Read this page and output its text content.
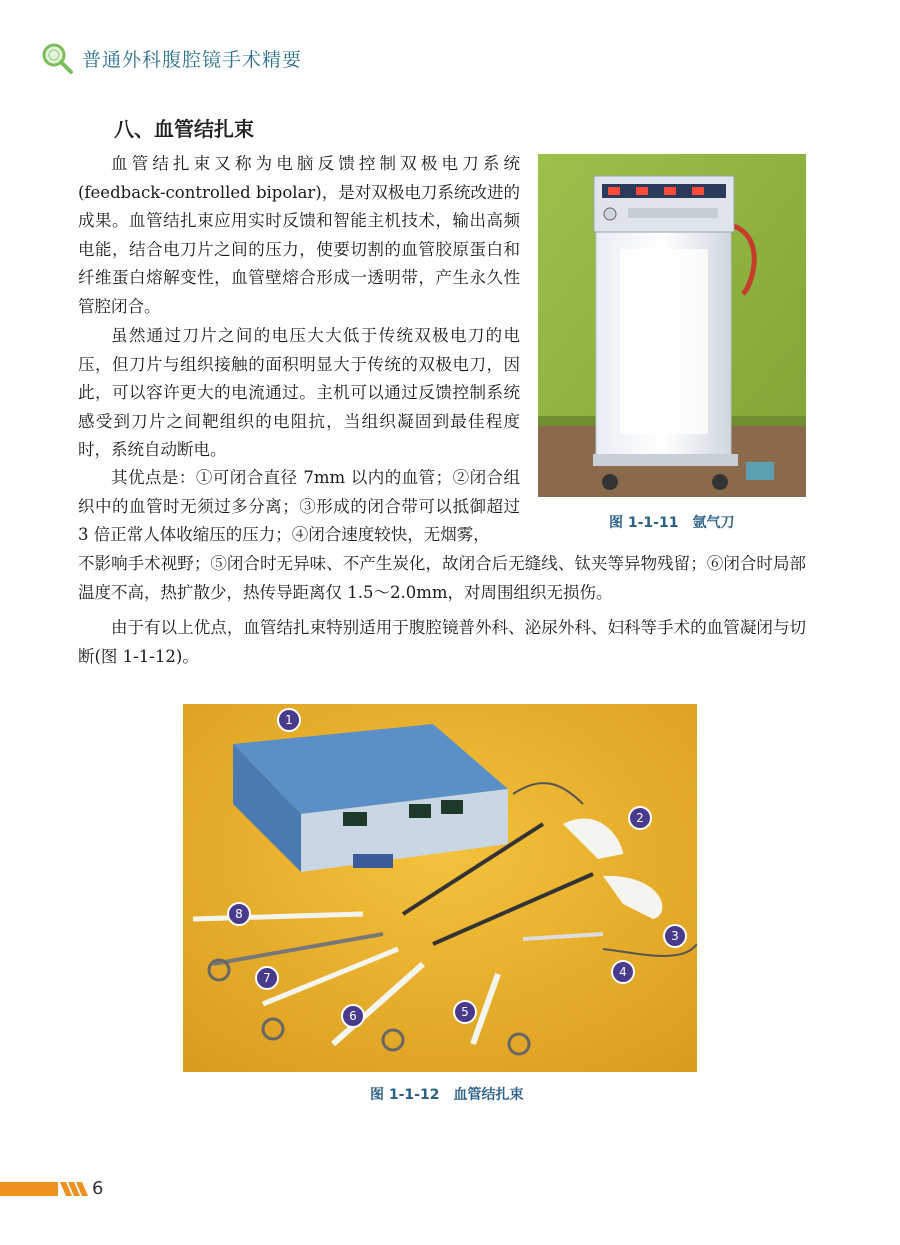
普通外科腹腔镜手术精要
八、血管结扎束

血管结扎束又称为电脑反馈控制双极电刀系统(feedback-controlled bipolar)，是对双极电刀系统改进的成果。血管结扎束应用实时反馈和智能主机技术，输出高频电能，结合电刀片之间的压力，使要切割的血管胶原蛋白和纤维蛋白熔解变性，血管壁熔合形成一透明带，产生永久性管腔闭合。

虽然通过刀片之间的电压大大低于传统双极电刀的电压，但刀片与组织接触的面积明显大于传统的双极电刀，因此，可以容许更大的电流通过。主机可以通过反馈控制系统感受到刀片之间靶组织的电阻抗，当组织凝固到最佳程度时，系统自动断电。

其优点是：①可闭合直径 7mm 以内的血管；②闭合组织中的血管时无须过多分离；③形成的闭合带可以抵御超过 3 倍正常人体收缩压的压力；④闭合速度较快，无烟雾，

不影响手术视野；⑤闭合时无异味、不产生炭化，故闭合后无缝线、钛夹等异物残留；⑥闭合时局部温度不高，热扩散少，热传导距离仅 1.5～2.0mm，对周围组织无损伤。

由于有以上优点，血管结扎束特别适用于腹腔镜普外科、泌尿外科、妇科等手术的血管凝闭与切断(图 1-1-12)。

图 1-1-11 氩气刀
1
2
3
4
5
6
7
8
图 1-1-12 血管结扎束
6
